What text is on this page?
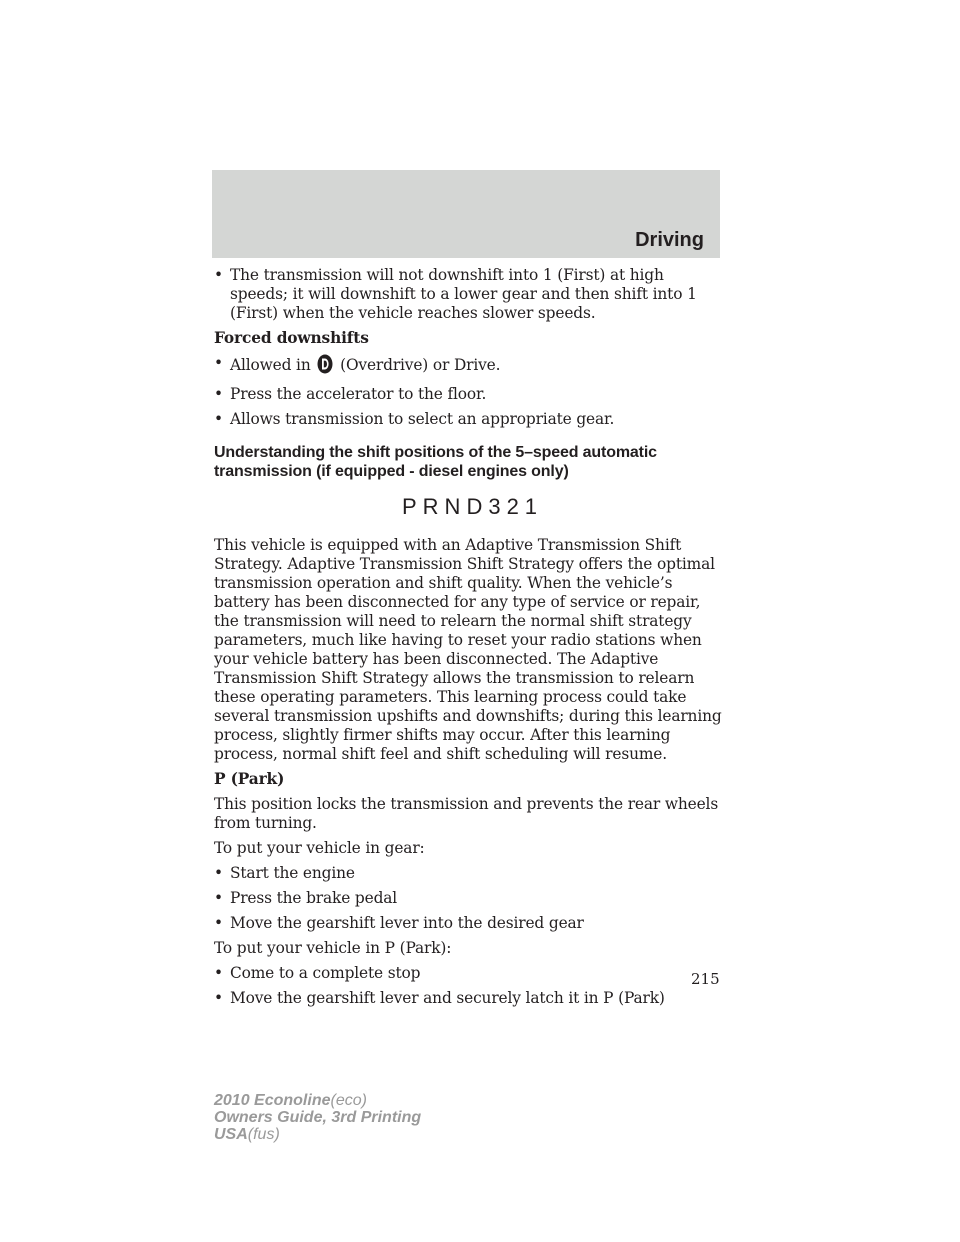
Driving
• The transmission will not downshift into 1 (First) at high speeds; it will downshift to a lower gear and then shift into 1 (First) when the vehicle reaches slower speeds.

Forced downshifts

• Allowed in (Overdrive) or Drive.
• Press the accelerator to the floor.
• Allows transmission to select an appropriate gear.
Understanding the shift positions of the 5–speed automatic transmission (if equipped - diesel engines only)
PRND321

This vehicle is equipped with an Adaptive Transmission Shift Strategy. Adaptive Transmission Shift Strategy offers the optimal transmission operation and shift quality. When the vehicle’s battery has been disconnected for any type of service or repair, the transmission will need to relearn the normal shift strategy parameters, much like having to reset your radio stations when your vehicle battery has been disconnected. The Adaptive Transmission Shift Strategy allows the transmission to relearn these operating parameters. This learning process could take several transmission upshifts and downshifts; during this learning process, slightly firmer shifts may occur. After this learning process, normal shift feel and shift scheduling will resume.

P (Park)

This position locks the transmission and prevents the rear wheels from turning.

To put your vehicle in gear:

• Start the engine
• Press the brake pedal
• Move the gearshift lever into the desired gear

To put your vehicle in P (Park):

• Come to a complete stop
• Move the gearshift lever and securely latch it in P (Park)
215
2010 Econoline(eco)
Owners Guide, 3rd Printing
USA(fus)
